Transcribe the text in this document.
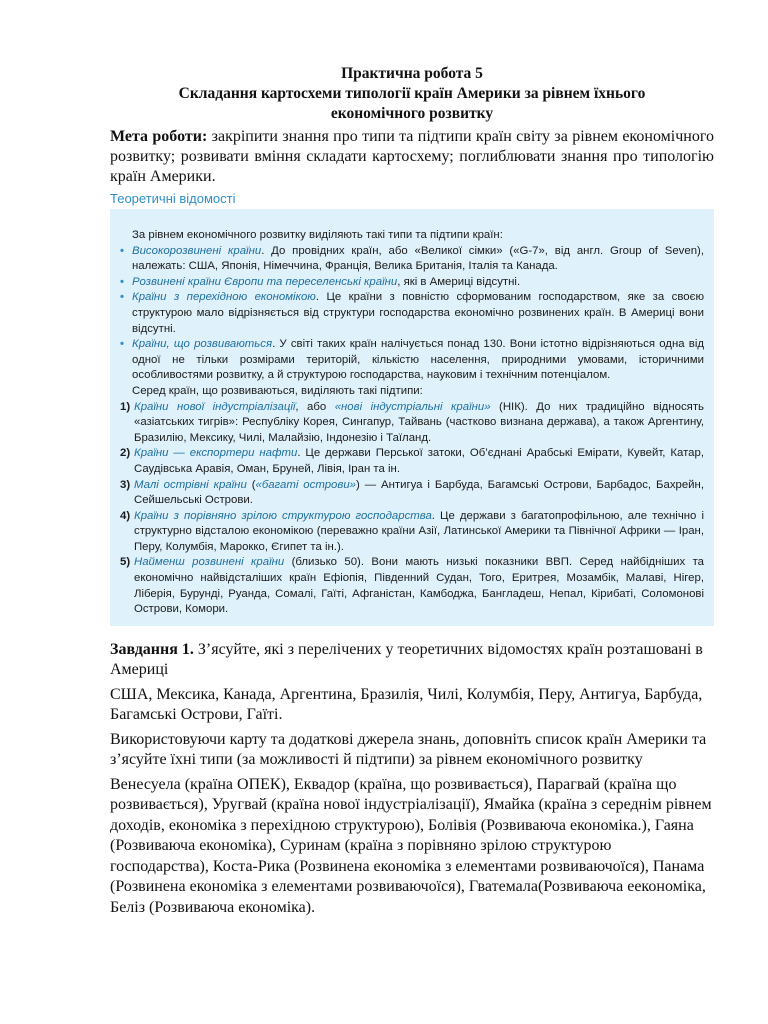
Практична робота 5
Складання картосхеми типології країн Америки за рівнем їхнього
економічного розвитку
Мета роботи: закріпити знання про типи та підтипи країн світу за рівнем економічного розвитку; розвивати вміння складати картосхему; поглиблювати знання про типологію країн Америки.
Теоретичні відомості
За рівнем економічного розвитку виділяють такі типи та підтипи країн:
• Високорозвинені країни. До провідних країн, або «Великої сімки» («G-7», від англ. Group of Seven), належать: США, Японія, Німеччина, Франція, Велика Британія, Італія та Канада.
• Розвинені країни Європи та переселенські країни, які в Америці відсутні.
• Країни з перехідною економікою. Це країни з повністю сформованим господарством, яке за своєю структурою мало відрізняється від структури господарства економічно розвинених країн. В Америці вони відсутні.
• Країни, що розвиваються. У світі таких країн налічується понад 130. Вони істотно відрізняються одна від одної не тільки розмірами територій, кількістю населення, природними умовами, історичними особливостями розвитку, а й структурою господарства, науковим і технічним потенціалом.
Серед країн, що розвиваються, виділяють такі підтипи:
1) Країни нової індустріалізації, або «нові індустріальні країни» (НІК). До них традиційно відносять «азіатських тигрів»: Республіку Корея, Сингапур, Тайвань (частково визнана держава), а також Аргентину, Бразилію, Мексику, Чилі, Малайзію, Індонезію і Таїланд.
2) Країни — експортери нафти. Це держави Перської затоки, Об’єднані Арабські Емірати, Кувейт, Катар, Саудівська Аравія, Оман, Бруней, Лівія, Іран та ін.
3) Малі острівні країни («багаті острови») — Антигуа і Барбуда, Багамські Острови, Барбадос, Бахрейн, Сейшельські Острови.
4) Країни з порівняно зрілою структурою господарства. Це держави з багатопрофільною, але технічно і структурно відсталою економікою (переважно країни Азії, Латинської Америки та Північної Африки — Іран, Перу, Колумбія, Марокко, Єгипет та ін.).
5) Найменш розвинені країни (близько 50). Вони мають низькі показники ВВП. Серед найбідніших та економічно найвідсталіших країн Ефіопія, Південний Судан, Того, Еритрея, Мозамбік, Малаві, Нігер, Ліберія, Бурунді, Руанда, Сомалі, Гаїті, Афганістан, Камбоджа, Бангладеш, Непал, Кірибаті, Соломонові Острови, Комори.
Завдання 1. З’ясуйте, які з перелічених у теоретичних відомостях країн розташовані в Америці
США, Мексика, Канада, Аргентина, Бразилія, Чилі, Колумбія, Перу, Антигуа, Барбуда, Багамські Острови, Гаїті.
Використовуючи карту та додаткові джерела знань, доповніть список країн Америки та з’ясуйте їхні типи (за можливості й підтипи) за рівнем економічного розвитку
Венесуела (країна ОПЕК), Еквадор (країна, що розвивається), Парагвай (країна що розвивається), Уругвай (країна нової індустріалізації), Ямайка (країна з середнім рівнем доходів, економіка з перехідною структурою), Болівія (Розвиваюча економіка.), Гаяна (Розвиваюча економіка), Суринам (країна з порівняно зрілою структурою господарства), Коста-Рика (Розвинена економіка з елементами розвиваючоїся), Панама (Розвинена економіка з елементами розвиваючоїся), Гватемала(Розвиваюча еекономіка, Беліз (Розвиваюча економіка).
